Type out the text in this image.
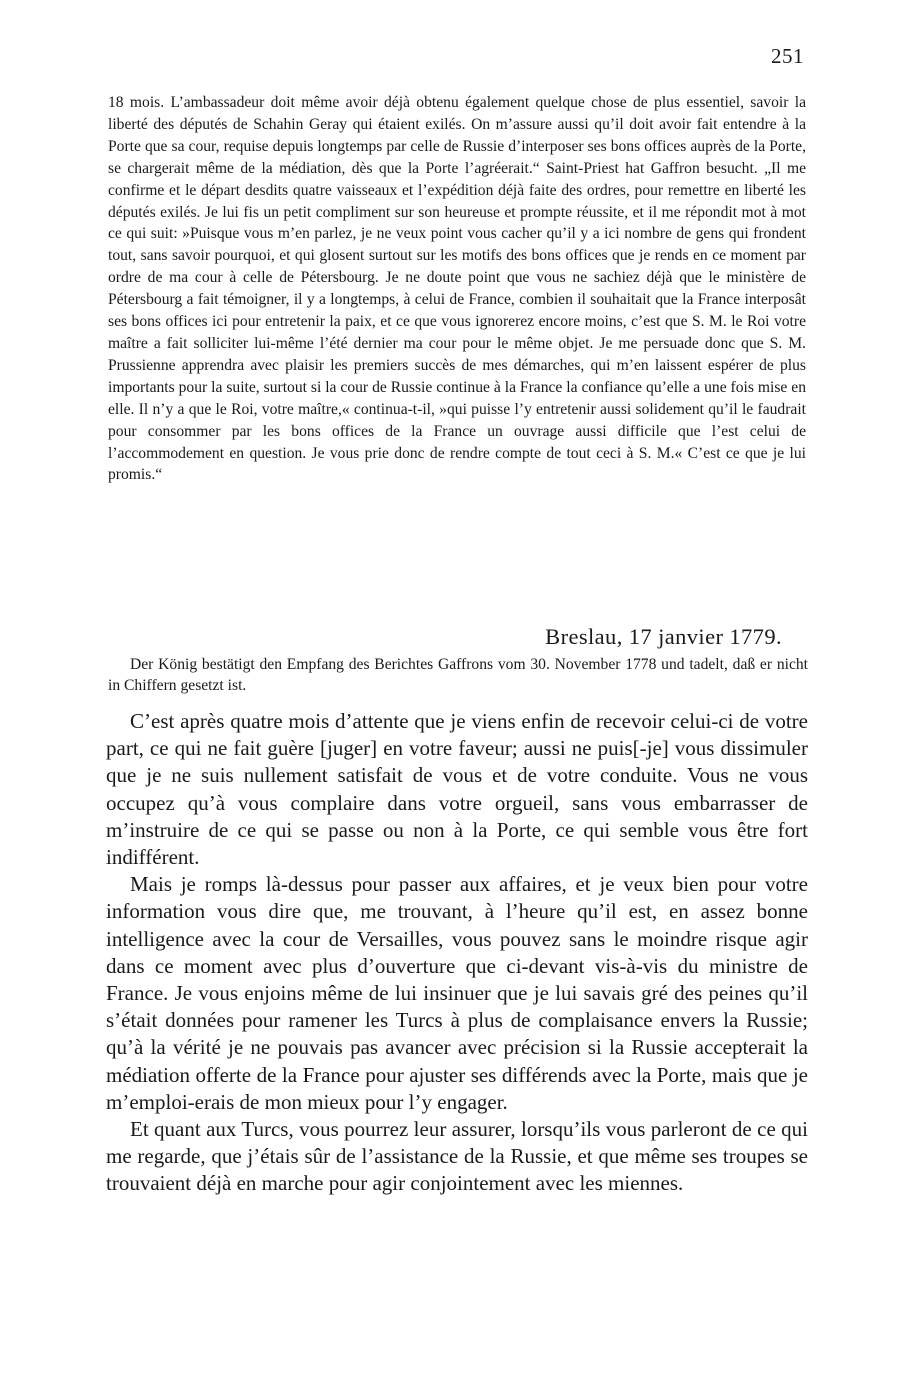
251

18 mois. L’ambassadeur doit même avoir déjà obtenu également quelque chose de plus essentiel, savoir la liberté des députés de Schahin Geray qui étaient exilés. On m’assure aussi qu’il doit avoir fait entendre à la Porte que sa cour, requise depuis longtemps par celle de Russie d’interposer ses bons offices auprès de la Porte, se chargerait même de la médiation, dès que la Porte l’agréerait.“ Saint-Priest hat Gaffron besucht. „Il me confirme et le départ desdits quatre vaisseaux et l’expédition déjà faite des ordres, pour remettre en liberté les députés exilés. Je lui fis un petit compliment sur son heureuse et prompte réussite, et il me répondit mot à mot ce qui suit: »Puisque vous m’en parlez, je ne veux point vous cacher qu’il y a ici nombre de gens qui frondent tout, sans savoir pourquoi, et qui glosent surtout sur les motifs des bons offices que je rends en ce moment par ordre de ma cour à celle de Pétersbourg. Je ne doute point que vous ne sachiez déjà que le ministère de Pétersbourg a fait témoigner, il y a longtemps, à celui de France, combien il souhaitait que la France interposât ses bons offices ici pour entretenir la paix, et ce que vous ignorerez encore moins, c’est que S. M. le Roi votre maître a fait solliciter lui-même l’été dernier ma cour pour le même objet. Je me persuade donc que S. M. Prussienne apprendra avec plaisir les premiers succès de mes démarches, qui m’en laissent espérer de plus importants pour la suite, surtout si la cour de Russie continue à la France la confiance qu’elle a une fois mise en elle. Il n’y a que le Roi, votre maître,« continua-t-il, »qui puisse l’y entretenir aussi solidement qu’il le faudrait pour consommer par les bons offices de la France un ouvrage aussi difficile que l’est celui de l’accommodement en question. Je vous prie donc de rendre compte de tout ceci à S. M.« C’est ce que je lui promis.“

Breslau, 17 janvier 1779.

Der König bestätigt den Empfang des Berichtes Gaffrons vom 30. November 1778 und tadelt, daß er nicht in Chiffern gesetzt ist.

C’est après quatre mois d’attente que je viens enfin de recevoir celui-ci de votre part, ce qui ne fait guère [juger] en votre faveur; aussi ne puis[-je] vous dissimuler que je ne suis nullement satisfait de vous et de votre conduite. Vous ne vous occupez qu’à vous complaire dans votre orgueil, sans vous embarrasser de m’instruire de ce qui se passe ou non à la Porte, ce qui semble vous être fort indifférent.

Mais je romps là-dessus pour passer aux affaires, et je veux bien pour votre information vous dire que, me trouvant, à l’heure qu’il est, en assez bonne intelligence avec la cour de Versailles, vous pouvez sans le moindre risque agir dans ce moment avec plus d’ouverture que ci-devant vis-à-vis du ministre de France. Je vous enjoins même de lui insinuer que je lui savais gré des peines qu’il s’était données pour ramener les Turcs à plus de complaisance envers la Russie; qu’à la vérité je ne pouvais pas avancer avec précision si la Russie accepterait la médiation offerte de la France pour ajuster ses différends avec la Porte, mais que je m’emploi-erais de mon mieux pour l’y engager.

Et quant aux Turcs, vous pourrez leur assurer, lorsqu’ils vous parleront de ce qui me regarde, que j’étais sûr de l’assistance de la Russie, et que même ses troupes se trouvaient déjà en marche pour agir conjointement avec les miennes.
